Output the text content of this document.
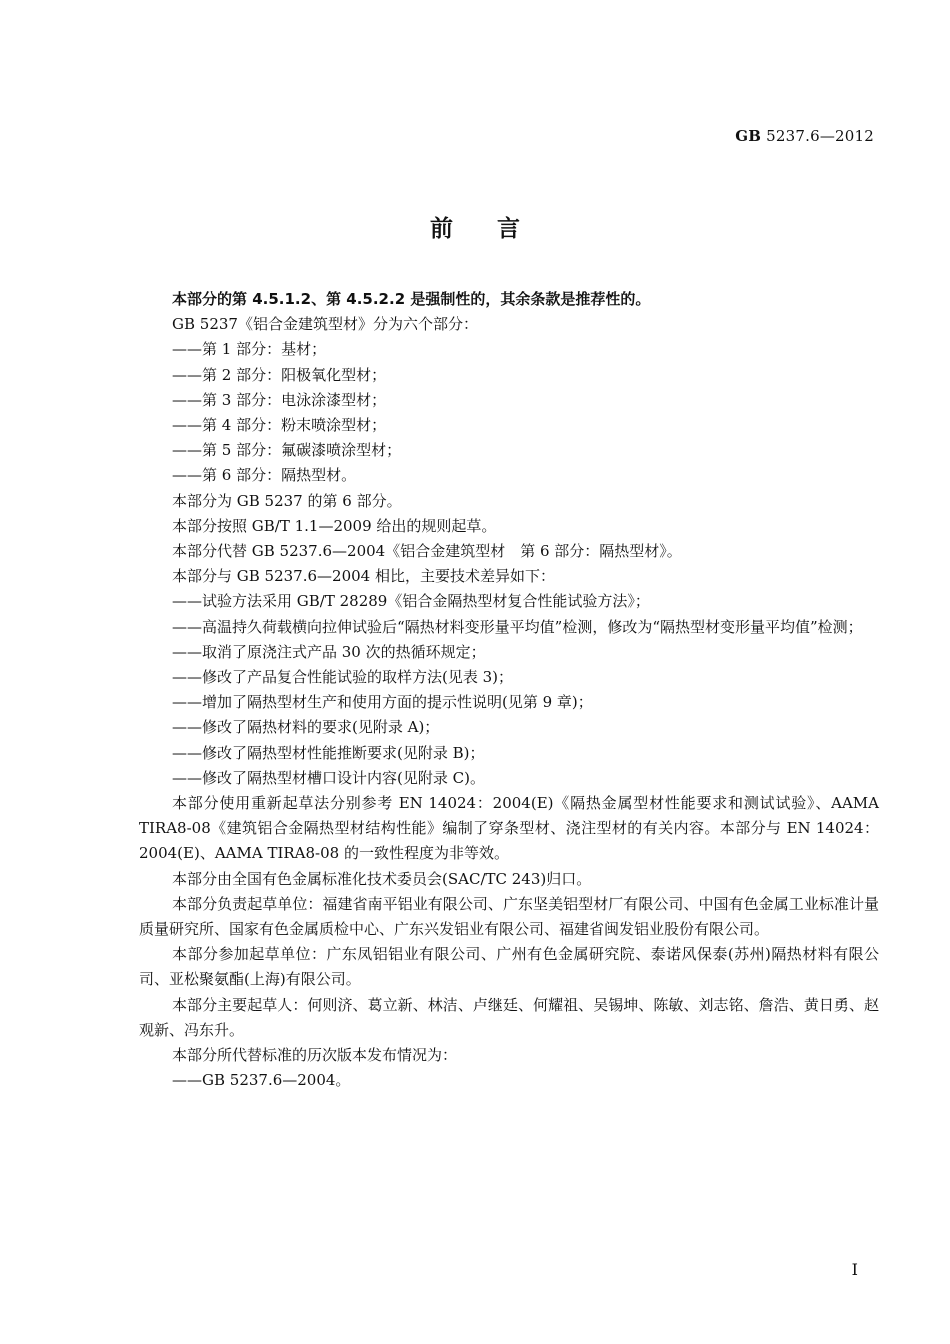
GB 5237.6—2012
前言

本部分的第 4.5.1.2、第 4.5.2.2 是强制性的，其余条款是推荐性的。

GB 5237《铝合金建筑型材》分为六个部分：

——第 1 部分：基材；

——第 2 部分：阳极氧化型材；

——第 3 部分：电泳涂漆型材；

——第 4 部分：粉末喷涂型材；

——第 5 部分：氟碳漆喷涂型材；

——第 6 部分：隔热型材。

本部分为 GB 5237 的第 6 部分。

本部分按照 GB/T 1.1—2009 给出的规则起草。

本部分代替 GB 5237.6—2004《铝合金建筑型材　第 6 部分：隔热型材》。

本部分与 GB 5237.6—2004 相比，主要技术差异如下：

——试验方法采用 GB/T 28289《铝合金隔热型材复合性能试验方法》；

——高温持久荷载横向拉伸试验后“隔热材料变形量平均值”检测，修改为“隔热型材变形量平均值”检测；

——取消了原浇注式产品 30 次的热循环规定；

——修改了产品复合性能试验的取样方法(见表 3)；

——增加了隔热型材生产和使用方面的提示性说明(见第 9 章)；

——修改了隔热材料的要求(见附录 A)；

——修改了隔热型材性能推断要求(见附录 B)；

——修改了隔热型材槽口设计内容(见附录 C)。

本部分使用重新起草法分别参考 EN 14024：2004(E)《隔热金属型材性能要求和测试试验》、AAMA TIRA8-08《建筑铝合金隔热型材结构性能》编制了穿条型材、浇注型材的有关内容。本部分与 EN 14024：2004(E)、AAMA TIRA8-08 的一致性程度为非等效。

本部分由全国有色金属标准化技术委员会(SAC/TC 243)归口。

本部分负责起草单位：福建省南平铝业有限公司、广东坚美铝型材厂有限公司、中国有色金属工业标准计量质量研究所、国家有色金属质检中心、广东兴发铝业有限公司、福建省闽发铝业股份有限公司。

本部分参加起草单位：广东凤铝铝业有限公司、广州有色金属研究院、泰诺风保泰(苏州)隔热材料有限公司、亚松聚氨酯(上海)有限公司。

本部分主要起草人：何则济、葛立新、林洁、卢继廷、何耀祖、吴锡坤、陈敏、刘志铭、詹浩、黄日勇、赵观新、冯东升。

本部分所代替标准的历次版本发布情况为：

——GB 5237.6—2004。

I
